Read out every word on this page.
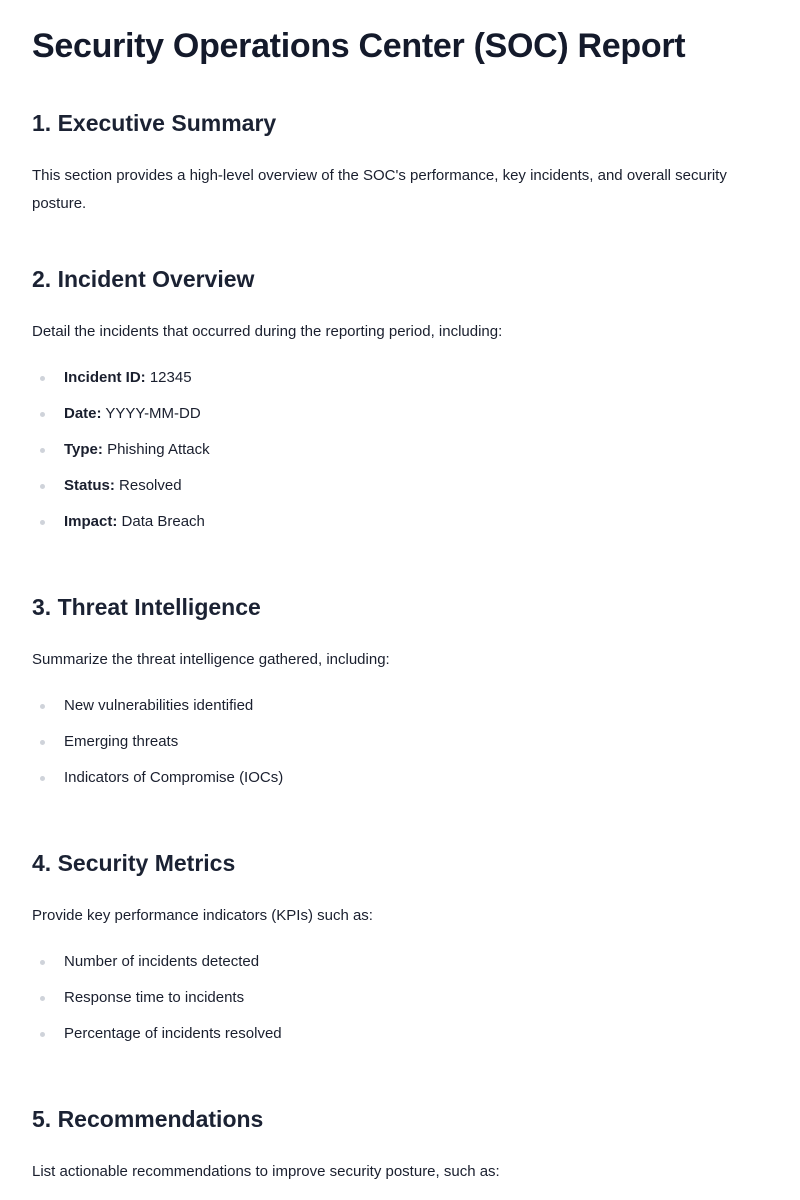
Security Operations Center (SOC) Report
1. Executive Summary

This section provides a high-level overview of the SOC's performance, key incidents, and overall security posture.

2. Incident Overview

Detail the incidents that occurred during the reporting period, including:

Incident ID: 12345
Date: YYYY-MM-DD
Type: Phishing Attack
Status: Resolved
Impact: Data Breach
3. Threat Intelligence

Summarize the threat intelligence gathered, including:

New vulnerabilities identified
Emerging threats
Indicators of Compromise (IOCs)
4. Security Metrics

Provide key performance indicators (KPIs) such as:

Number of incidents detected
Response time to incidents
Percentage of incidents resolved
5. Recommendations

List actionable recommendations to improve security posture, such as:
